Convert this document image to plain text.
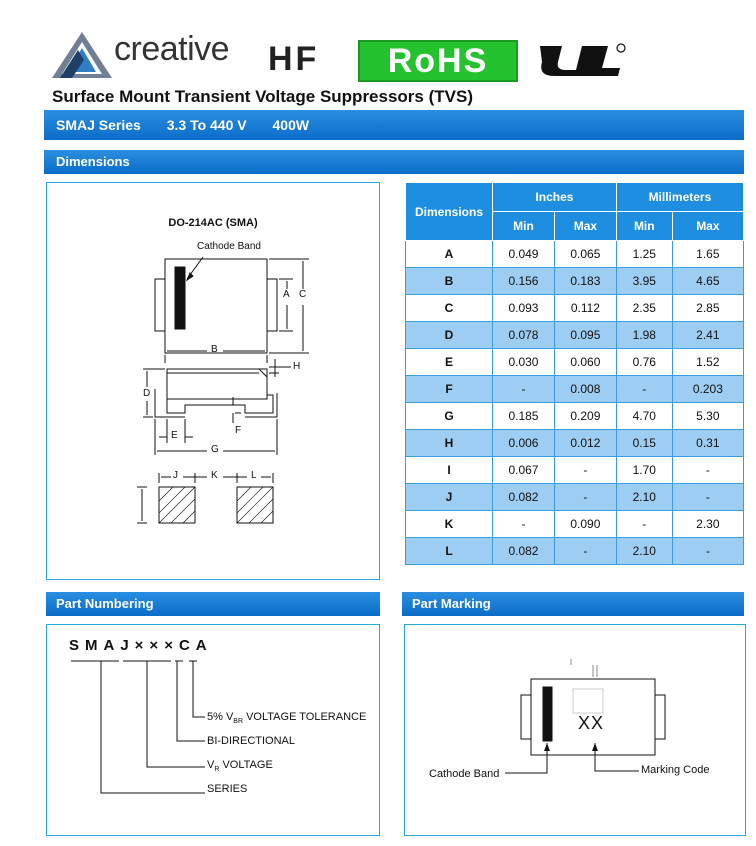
creative HF	RoHS
Surface Mount Transient Voltage Suppressors (TVS)
SMAJ Series 3.3 To 440 V 400W
Dimensions
DO-214AC (SMA)
Cathode Band
A C
B
H
D
F
E
G
J	K	L
Dimensions	Inches		Millimeters	
	Min	Max	Min	Max
A	0.049	0.065	1.25	1.65
B	0.156	0.183	3.95	4.65
C	0.093	0.112	2.35	2.85
D	0.078	0.095	1.98	2.41
E	0.030	0.060	0.76	1.52
F	-	0.008	-	0.203
G	0.185	0.209	4.70	5.30
H	0.006	0.012	0.15	0.31
I	0.067	-	1.70	-
J	0.082	-	2.10	-
K	-	0.090	-	2.30
L	0.082	-	2.10	-
Part Numbering
SMAJ×××CA
5% $V_{BR}$ VOLTAGE TOLERANCE
BI-DIRECTIONAL
$V_R$ VOLTAGE
SERIES
Part Marking
XX
Cathode Band	Marking Code
